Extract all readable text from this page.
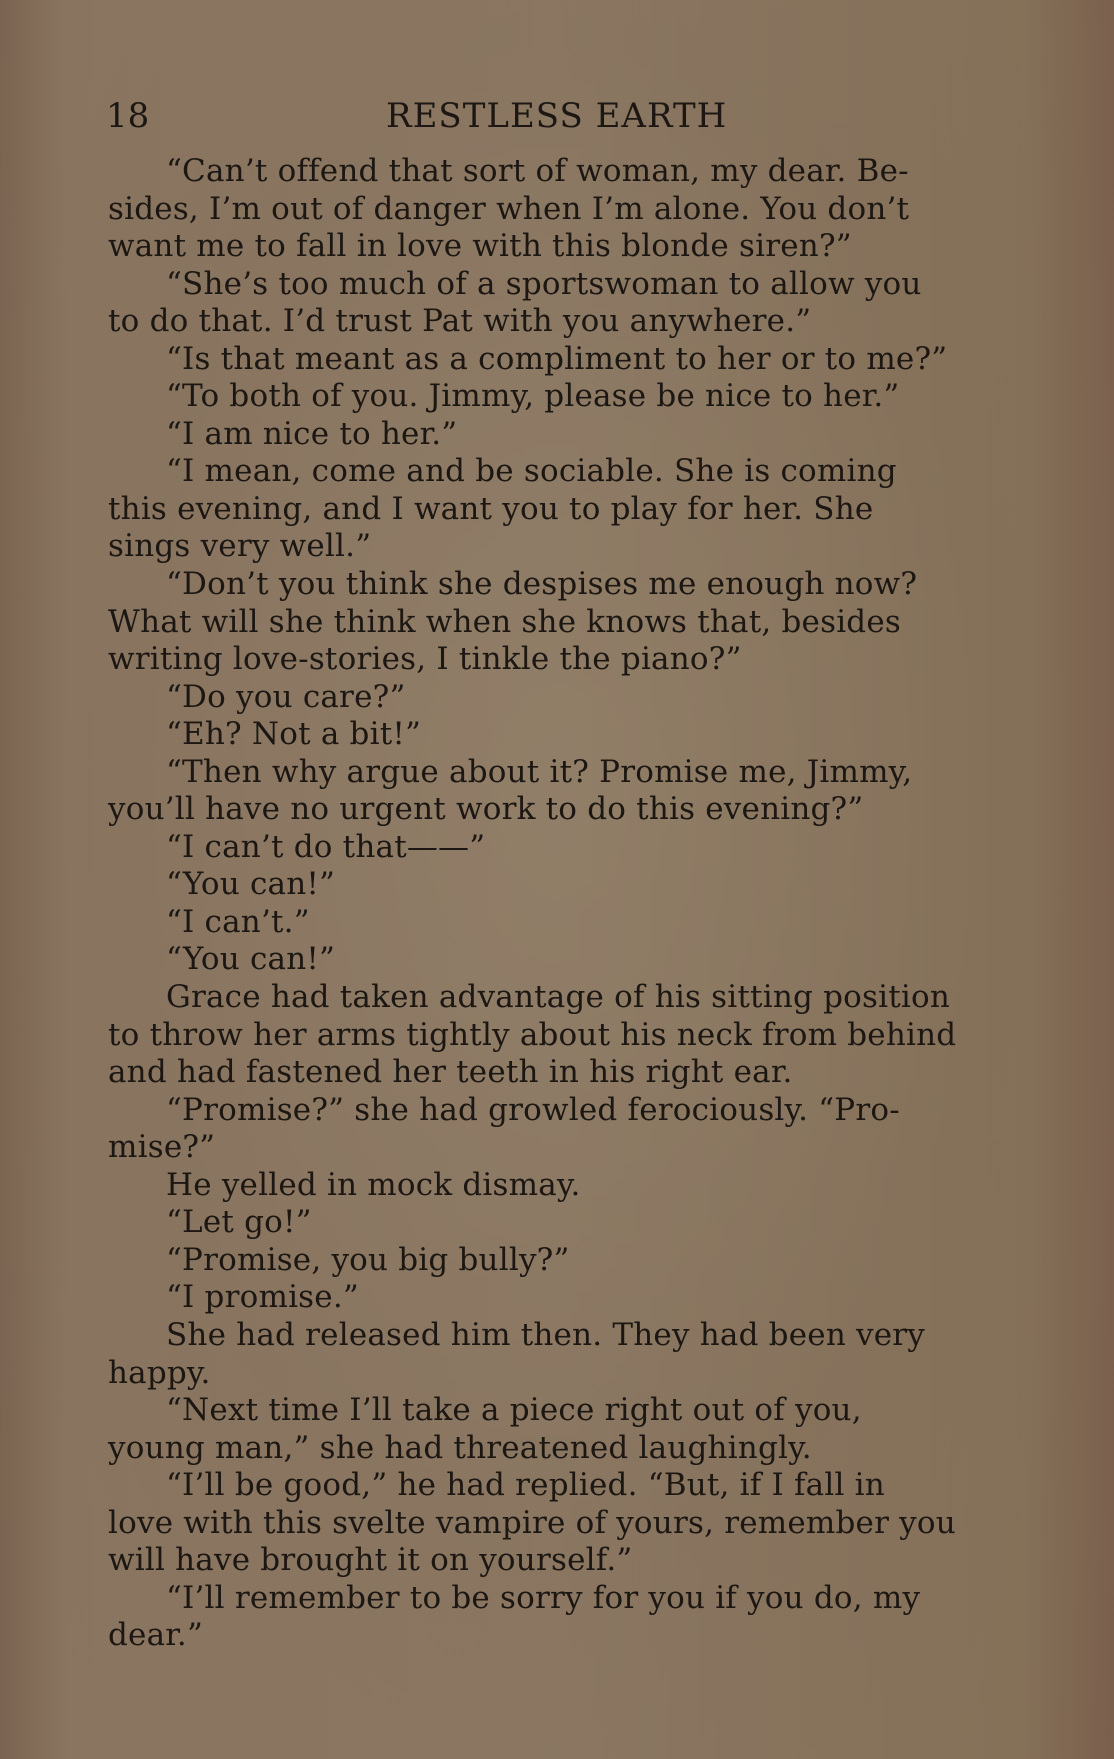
18	RESTLESS EARTH
“Can’t offend that sort of woman, my dear. Be-
sides, I’m out of danger when I’m alone. You don’t
want me to fall in love with this blonde siren?”
“She’s too much of a sportswoman to allow you
to do that. I’d trust Pat with you anywhere.”
“Is that meant as a compliment to her or to me?”
“To both of you. Jimmy, please be nice to her.”
“I am nice to her.”
“I mean, come and be sociable. She is coming
this evening, and I want you to play for her. She
sings very well.”
“Don’t you think she despises me enough now?
What will she think when she knows that, besides
writing love-stories, I tinkle the piano?”
“Do you care?”
“Eh? Not a bit!”
“Then why argue about it? Promise me, Jimmy,
you’ll have no urgent work to do this evening?”
“I can’t do that——”
“You can!”
“I can’t.”
“You can!”
Grace had taken advantage of his sitting position
to throw her arms tightly about his neck from behind
and had fastened her teeth in his right ear.
“Promise?” she had growled ferociously. “Pro-
mise?”
He yelled in mock dismay.
“Let go!”
“Promise, you big bully?”
“I promise.”
She had released him then. They had been very
happy.
“Next time I’ll take a piece right out of you,
young man,” she had threatened laughingly.
“I’ll be good,” he had replied. “But, if I fall in
love with this svelte vampire of yours, remember you
will have brought it on yourself.”
“I’ll remember to be sorry for you if you do, my
dear.”
